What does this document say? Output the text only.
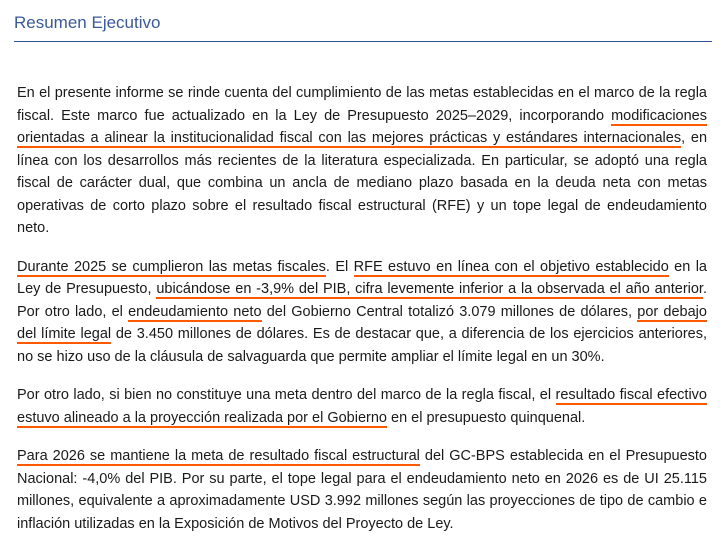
Resumen Ejecutivo

En el presente informe se rinde cuenta del cumplimiento de las metas establecidas en el marco de la regla fiscal. Este marco fue actualizado en la Ley de Presupuesto 2025–2029, incorporando modificaciones orientadas a alinear la institucionalidad fiscal con las mejores prácticas y estándares internacionales, en línea con los desarrollos más recientes de la literatura especializada. En particular, se adoptó una regla fiscal de carácter dual, que combina un ancla de mediano plazo basada en la deuda neta con metas operativas de corto plazo sobre el resultado fiscal estructural (RFE) y un tope legal de endeudamiento neto.

Durante 2025 se cumplieron las metas fiscales. El RFE estuvo en línea con el objetivo establecido en la Ley de Presupuesto, ubicándose en -3,9% del PIB, cifra levemente inferior a la observada el año anterior. Por otro lado, el endeudamiento neto del Gobierno Central totalizó 3.079 millones de dólares, por debajo del límite legal de 3.450 millones de dólares. Es de destacar que, a diferencia de los ejercicios anteriores, no se hizo uso de la cláusula de salvaguarda que permite ampliar el límite legal en un 30%.

Por otro lado, si bien no constituye una meta dentro del marco de la regla fiscal, el resultado fiscal efectivo estuvo alineado a la proyección realizada por el Gobierno en el presupuesto quinquenal.

Para 2026 se mantiene la meta de resultado fiscal estructural del GC-BPS establecida en el Presupuesto Nacional: -4,0% del PIB. Por su parte, el tope legal para el endeudamiento neto en 2026 es de UI 25.115 millones, equivalente a aproximadamente USD 3.992 millones según las proyecciones de tipo de cambio e inflación utilizadas en la Exposición de Motivos del Proyecto de Ley.
